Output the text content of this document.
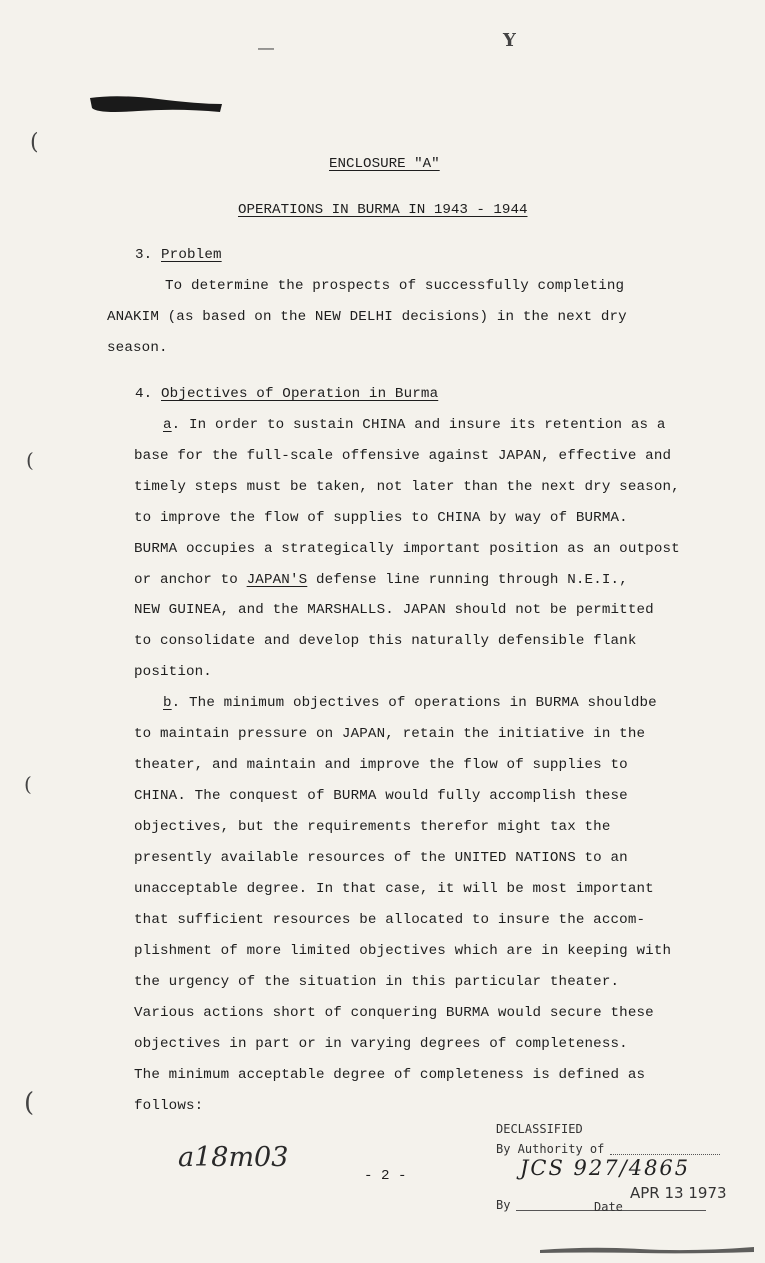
―	Y
(
(
(
(
ENCLOSURE "A"
OPERATIONS IN BURMA IN 1943 - 1944
3. Problem
To determine the prospects of successfully completing
ANAKIM (as based on the NEW DELHI decisions) in the next dry
season.
4. Objectives of Operation in Burma
a. In order to sustain CHINA and insure its retention as a
base for the full-scale offensive against JAPAN, effective and
timely steps must be taken, not later than the next dry season,
to improve the flow of supplies to CHINA by way of BURMA.
BURMA occupies a strategically important position as an outpost
or anchor to JAPAN'S defense line running through N.E.I.,
NEW GUINEA, and the MARSHALLS. JAPAN should not be permitted
to consolidate and develop this naturally defensible flank
position.
b. The minimum objectives of operations in BURMA shouldbe
to maintain pressure on JAPAN, retain the initiative in the
theater, and maintain and improve the flow of supplies to
CHINA. The conquest of BURMA would fully accomplish these
objectives, but the requirements therefor might tax the
presently available resources of the UNITED NATIONS to an
unacceptable degree. In that case, it will be most important
that sufficient resources be allocated to insure the accom-
plishment of more limited objectives which are in keeping with
the urgency of the situation in this particular theater.
Various actions short of conquering BURMA would secure these
objectives in part or in varying degrees of completeness.
The minimum acceptable degree of completeness is defined as
follows:
a18m03
- 2 -
DECLASSIFIED
By Authority of
JCS 927/4865
By	Date
APR 13 1973
